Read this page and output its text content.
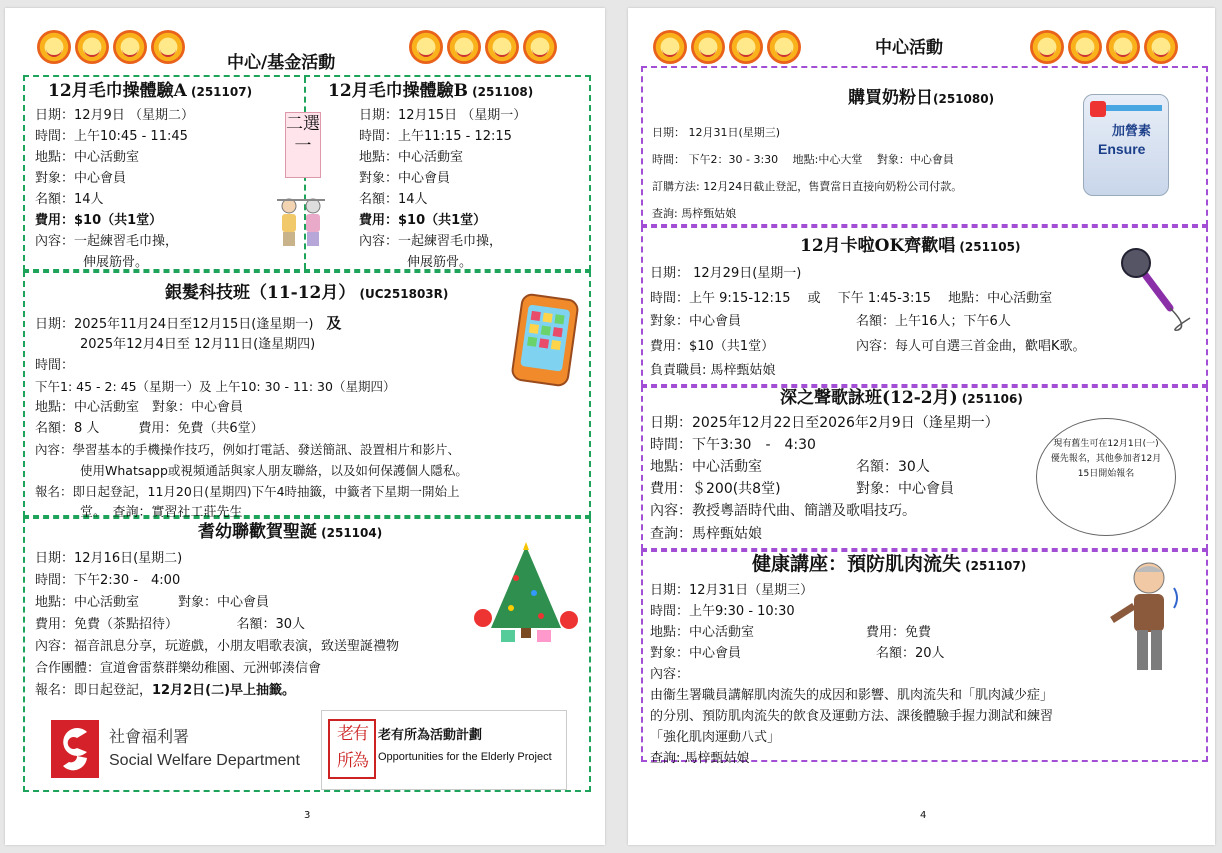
中心/基金活動
12月毛巾操體驗A (251107)
日期：12月9日 （星期二）
時間：上午10:45 - 11:45
地點：中心活動室
對象：中心會員
名額：14人
費用：$10（共1堂）
內容：一起練習毛巾操，
伸展筋骨。
二選一
12月毛巾操體驗B (251108)
日期：12月15日 （星期一）
時間：上午11:15 - 12:15
地點：中心活動室
對象：中心會員
名額：14人
費用：$10（共1堂）
內容：一起練習毛巾操，
伸展筋骨。
銀髮科技班（11-12月） (UC251803R)
日期：2025年11月24日至12月15日(逢星期一)　 及
2025年12月4日至 12月11日(逢星期四)
時間：
下午1: 45 - 2: 45（星期一）及 上午10: 30 - 11: 30（星期四）
地點：中心活動室　對象：中心會員
名額：8 人　　　費用：免費（共6堂）
內容：學習基本的手機操作技巧，例如打電話、發送簡訊、設置相片和影片、
使用Whatsapp或視頻通話與家人朋友聯絡，以及如何保護個人隱私。
報名：即日起登記，11月20日(星期四)下午4時抽籤，中籤者下星期一開始上
堂。　查詢：實習社工莊先生
耆幼聯歡賀聖誕 (251104)
日期：12月16日(星期二)
時間：下午2:30 -　4:00
地點：中心活動室　　　對象：中心會員
費用：免費（茶點招待）　　　　　名額：30人
內容：福音訊息分享，玩遊戲，小朋友唱歌表演，致送聖誕禮物
合作團體：宣道會雷蔡群樂幼稚園、元洲邨湊信會
報名：即日起登記，12月2日(二)早上抽籤。
社會福利署
Social Welfare Department
老有所為
老有所為活動計劃
Opportunities for the Elderly Project
3
中心活動
購買奶粉日(251080)
日期： 12月31日(星期三)
時間： 下午2：30 - 3:30　 地點:中心大堂　 對象：中心會員
訂購方法: 12月24日截止登記，售賣當日直接向奶粉公司付款。
查詢: 馬梓甄姑娘
加營素
Ensure
12月卡啦OK齊歡唱 (251105)
日期： 12月29日(星期一)
時間：上午 9:15-12:15　 或　 下午 1:45-3:15　 地點：中心活動室
對象：中心會員	名額：上午16人；下午6人
費用：$10（共1堂）	內容：每人可自選三首金曲，歡唱K歌。
負責職員: 馬梓甄姑娘
深之聲歌詠班(12-2月) (251106)
日期：2025年12月22日至2026年2月9日（逢星期一）
時間：下午3:30　-　4:30
地點：中心活動室	名額：30人
費用：＄200(共8堂)	對象：中心會員
內容：教授粵語時代曲、簡譜及歌唱技巧。
查詢：馬梓甄姑娘
現有舊生可在12月1日(一)優先報名，其他參加者12月15日開始報名
健康講座：預防肌肉流失 (251107)
日期：12月31日（星期三）
時間：上午9:30 - 10:30
地點：中心活動室	費用：免費
對象：中心會員	名額：20人
內容：
由衞生署職員講解肌肉流失的成因和影響、肌肉流失和「肌肉減少症」
的分別、預防肌肉流失的飲食及運動方法、課後體驗手握力測試和練習
「強化肌肉運動八式」
查詢: 馬梓甄姑娘
4
